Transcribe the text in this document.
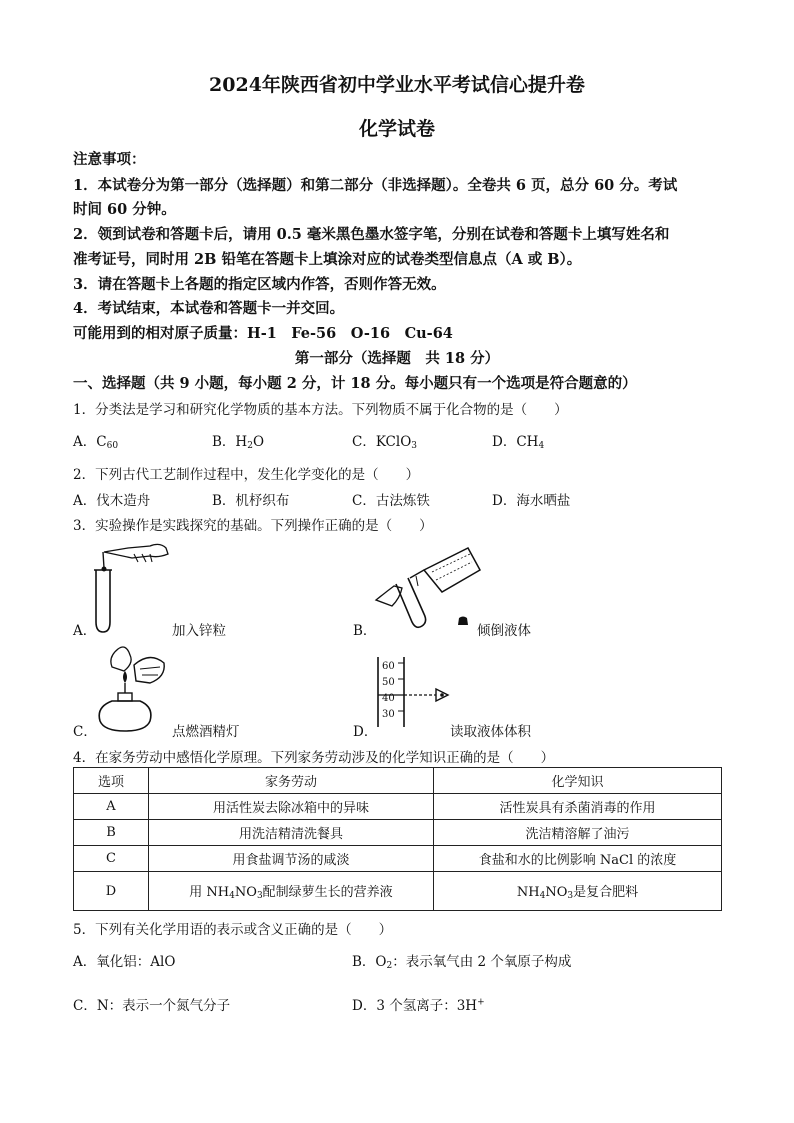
2024年陕西省初中学业水平考试信心提升卷
化学试卷
注意事项：
1．本试卷分为第一部分（选择题）和第二部分（非选择题）。全卷共 6 页，总分 60 分。考试
时间 60 分钟。
2．领到试卷和答题卡后，请用 0.5 毫米黑色墨水签字笔，分别在试卷和答题卡上填写姓名和
准考证号，同时用 2B 铅笔在答题卡上填涂对应的试卷类型信息点（A 或 B）。
3．请在答题卡上各题的指定区域内作答，否则作答无效。
4．考试结束，本试卷和答题卡一并交回。
可能用到的相对原子质量：H-1　Fe-56　O-16　Cu-64
第一部分（选择题　共 18 分）
一、选择题（共 9 小题，每小题 2 分，计 18 分。每小题只有一个选项是符合题意的）
1．分类法是学习和研究化学物质的基本方法。下列物质不属于化合物的是（　　）
A．$C_{60}$	B．$H_2O$	C．KClO$_3$	D．$CH_4$
2．下列古代工艺制作过程中，发生化学变化的是（　　）
A．伐木造舟	B．机杼织布	C．古法炼铁	D．海水晒盐
3．实验操作是实践探究的基础。下列操作正确的是（　　）
A．	加入锌粒	B．	倾倒液体
C．	点燃酒精灯
60
50
40
30
D．	读取液体体积
4．在家务劳动中感悟化学原理。下列家务劳动涉及的化学知识正确的是（　　）
选项	家务劳动	化学知识
A	用活性炭去除冰箱中的异味	活性炭具有杀菌消毒的作用
B	用洗洁精清洗餐具	洗洁精溶解了油污
C	用食盐调节汤的咸淡	食盐和水的比例影响 NaCl 的浓度
D	用 $NH_4NO_3$配制绿萝生长的营养液	$NH_4NO_3$是复合肥料
5．下列有关化学用语的表示或含义正确的是（　　）
A．氧化铝：AlO	B．$O_2$：表示氧气由 2 个氧原子构成
C．N：表示一个氮气分子	D．3 个氢离子：3H+
